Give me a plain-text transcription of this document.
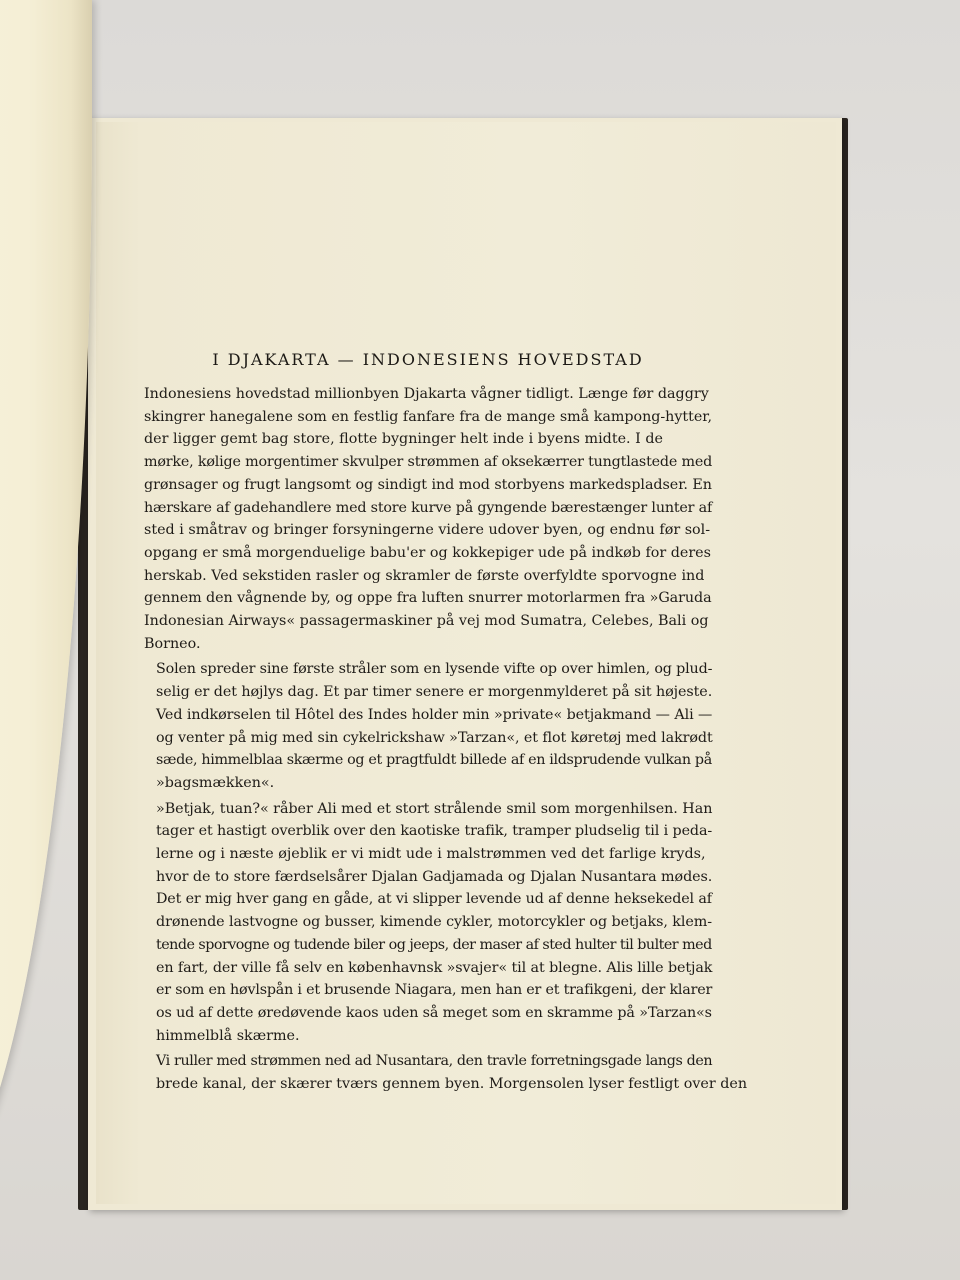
I DJAKARTA — INDONESIENS HOVEDSTAD

Indonesiens hovedstad millionbyen Djakarta vågner tidligt. Længe før daggry
skingrer hanegalene som en festlig fanfare fra de mange små kampong-hytter,
der ligger gemt bag store, flotte bygninger helt inde i byens midte. I de
mørke, kølige morgentimer skvulper strømmen af oksekærrer tungtlastede med
grønsager og frugt langsomt og sindigt ind mod storbyens markedspladser. En
hærskare af gadehandlere med store kurve på gyngende bærestænger lunter af
sted i småtrav og bringer forsyningerne videre udover byen, og endnu før sol-
opgang er små morgenduelige babu'er og kokkepiger ude på indkøb for deres
herskab. Ved sekstiden rasler og skramler de første overfyldte sporvogne ind
gennem den vågnende by, og oppe fra luften snurrer motorlarmen fra »Garuda
Indonesian Airways« passagermaskiner på vej mod Sumatra, Celebes, Bali og
Borneo.

Solen spreder sine første stråler som en lysende vifte op over himlen, og plud-
selig er det højlys dag. Et par timer senere er morgenmylderet på sit højeste.
Ved indkørselen til Hôtel des Indes holder min »private« betjakmand — Ali —
og venter på mig med sin cykelrickshaw »Tarzan«, et flot køretøj med lakrødt
sæde, himmelblaa skærme og et pragtfuldt billede af en ildsprudende vulkan på
»bagsmækken«.

»Betjak, tuan?« råber Ali med et stort strålende smil som morgenhilsen. Han
tager et hastigt overblik over den kaotiske trafik, tramper pludselig til i peda-
lerne og i næste øjeblik er vi midt ude i malstrømmen ved det farlige kryds,
hvor de to store færdselsårer Djalan Gadjamada og Djalan Nusantara mødes.
Det er mig hver gang en gåde, at vi slipper levende ud af denne heksekedel af
drønende lastvogne og busser, kimende cykler, motorcykler og betjaks, klem-
tende sporvogne og tudende biler og jeeps, der maser af sted hulter til bulter med
en fart, der ville få selv en københavnsk »svajer« til at blegne. Alis lille betjak
er som en høvlspån i et brusende Niagara, men han er et trafikgeni, der klarer
os ud af dette øredøvende kaos uden så meget som en skramme på »Tarzan«s
himmelblå skærme.

Vi ruller med strømmen ned ad Nusantara, den travle forretningsgade langs den
brede kanal, der skærer tværs gennem byen. Morgensolen lyser festligt over den
